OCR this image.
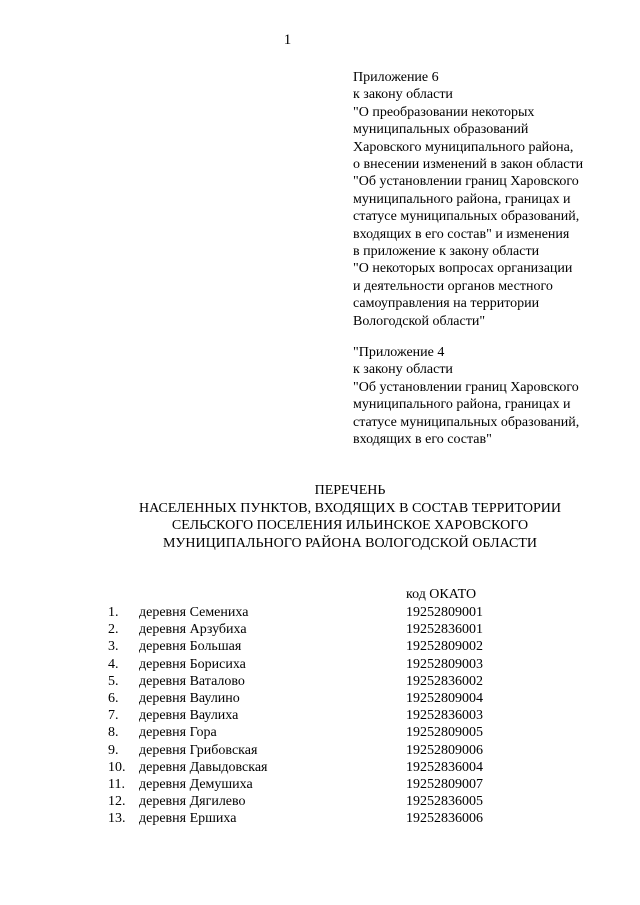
1
Приложение 6
к закону области
"О преобразовании некоторых
муниципальных образований
Харовского муниципального района,
о внесении изменений в закон области
"Об установлении границ Харовского
муниципального района, границах и
статусе муниципальных образований,
входящих в его состав" и изменения
в приложение к закону области
"О некоторых вопросах организации
и деятельности органов местного
самоуправления на территории
Вологодской области"
"Приложение 4
к закону области
"Об установлении границ Харовского
муниципального района, границах и
статусе муниципальных образований,
входящих в его состав"
ПЕРЕЧЕНЬ
НАСЕЛЕННЫХ ПУНКТОВ, ВХОДЯЩИХ В СОСТАВ ТЕРРИТОРИИ
СЕЛЬСКОГО ПОСЕЛЕНИЯ ИЛЬИНСКОЕ ХАРОВСКОГО
МУНИЦИПАЛЬНОГО РАЙОНА ВОЛОГОДСКОЙ ОБЛАСТИ
код ОКАТО
1. деревня Семениха	19252809001
2. деревня Арзубиха	19252836001
3. деревня Большая	19252809002
4. деревня Борисиха	19252809003
5. деревня Ваталово	19252836002
6. деревня Ваулино	19252809004
7. деревня Ваулиха	19252836003
8. деревня Гора	19252809005
9. деревня Грибовская	19252809006
10. деревня Давыдовская	19252836004
11. деревня Демушиха	19252809007
12. деревня Дягилево	19252836005
13. деревня Ершиха	19252836006
